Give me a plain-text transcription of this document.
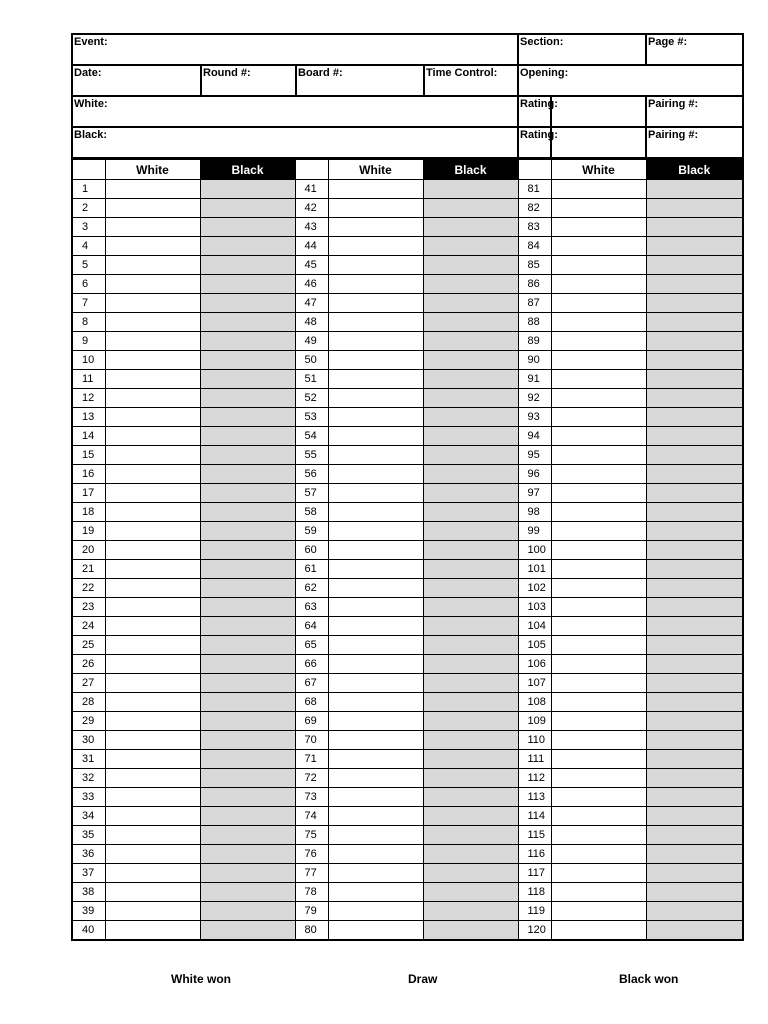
Event:				Section:		Page #:

Date:	Round #:	Board #:	Time Control:	Opening:		

White:				Rating:		Pairing #:

Black:				Rating:		Pairing #:
	White	Black		White	Black		White	Black
1			41			81		
2			42			82		
3			43			83		
4			44			84		
5			45			85		
6			46			86		
7			47			87		
8			48			88		
9			49			89		
10			50			90		
11			51			91		
12			52			92		
13			53			93		
14			54			94		
15			55			95		
16			56			96		
17			57			97		
18			58			98		
19			59			99		
20			60			100		
21			61			101		
22			62			102		
23			63			103		
24			64			104		
25			65			105		
26			66			106		
27			67			107		
28			68			108		
29			69			109		
30			70			110		
31			71			111		
32			72			112		
33			73			113		
34			74			114		
35			75			115		
36			76			116		
37			77			117		
38			78			118		
39			79			119		
40			80			120		
White won	Draw	Black won
